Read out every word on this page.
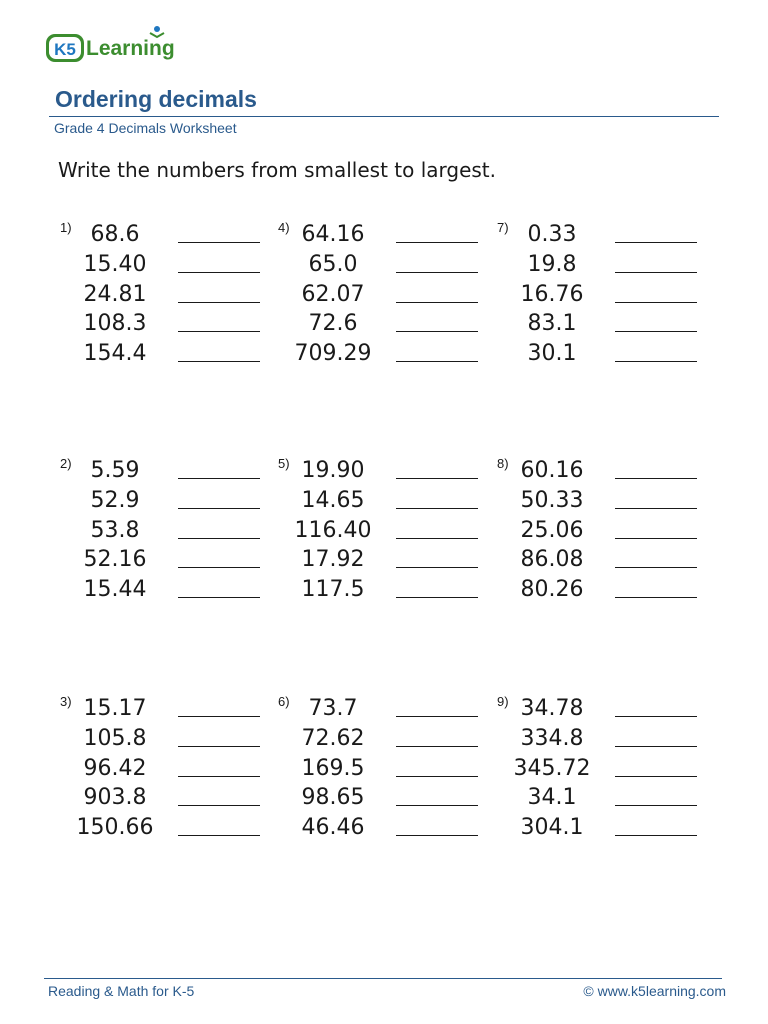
K5 Learning
Ordering decimals
Grade 4 Decimals Worksheet
Write the numbers from smallest to largest.
1) 68.6
15.40
24.81
108.3
154.4
2) 5.59
52.9
53.8
52.16
15.44
3) 15.17
105.8
96.42
903.8
150.66
4) 64.16
65.0
62.07
72.6
709.29
5) 19.90
14.65
116.40
17.92
117.5
6) 73.7
72.62
169.5
98.65
46.46
7) 0.33
19.8
16.76
83.1
30.1
8) 60.16
50.33
25.06
86.08
80.26
9) 34.78
334.8
345.72
34.1
304.1
Reading & Math for K-5	© www.k5learning.com
